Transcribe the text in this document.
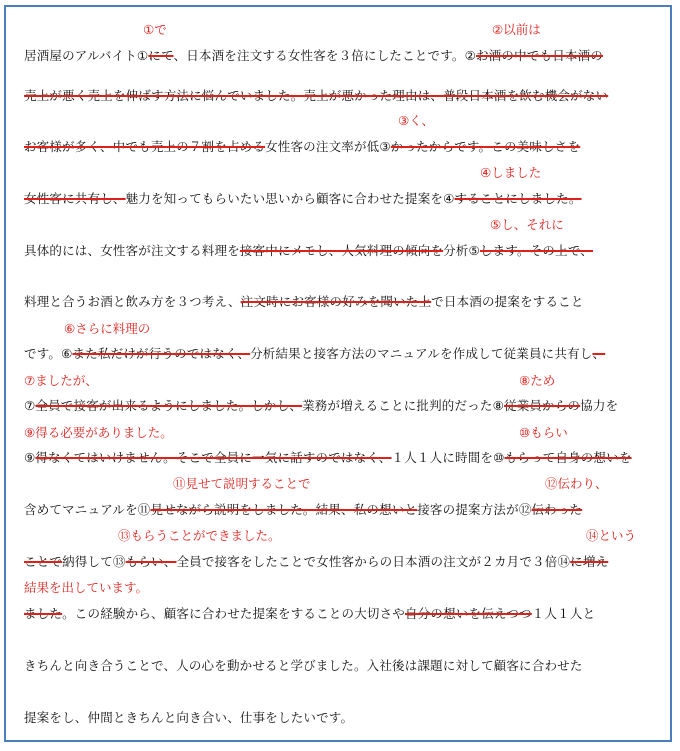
①で	②以前は
居酒屋のアルバイト①にて、日本酒を注文する女性客を３倍にしたことです。②お酒の中でも日本酒の
売上が悪く売上を伸ばす方法に悩んでいました。売上が悪かった理由は、普段日本酒を飲む機会がない
③く、
お客様が多く、中でも売上の７割を占める女性客の注文率が低③かったからです。この美味しさを
④しました
女性客に共有し、魅力を知ってもらいたい思いから顧客に合わせた提案を④することにしました。
⑤し、それに
具体的には、女性客が注文する料理を接客中にメモし、人気料理の傾向を分析⑤します。その上で、
料理と合うお酒と飲み方を３つ考え、注文時にお客様の好みを聞いた上で日本酒の提案をすること
⑥さらに料理の
です。⑥また私だけが行うのではなく、分析結果と接客方法のマニュアルを作成して従業員に共有し、
⑦ましたが、	⑧ため
⑦全員で接客が出来るようにしました。しかし、業務が増えることに批判的だった⑧従業員からの協力を
⑨得る必要がありました。	⑩もらい
⑨得なくてはいけません。そこで全員に一気に話すのではなく、１人１人に時間を⑩もらって自身の想いを
⑪見せて説明することで	⑫伝わり、
含めてマニュアルを⑪見せながら説明をしました。結果、私の想いと接客の提案方法が⑫伝わった
⑬もらうことができました。	⑭という
ことで納得して⑬もらい、全員で接客をしたことで女性客からの日本酒の注文が２カ月で３倍⑭に増え
結果を出しています。
ました。この経験から、顧客に合わせた提案をすることの大切さや自分の想いを伝えつつ１人１人と
きちんと向き合うことで、人の心を動かせると学びました。入社後は課題に対して顧客に合わせた
提案をし、仲間ときちんと向き合い、仕事をしたいです。
